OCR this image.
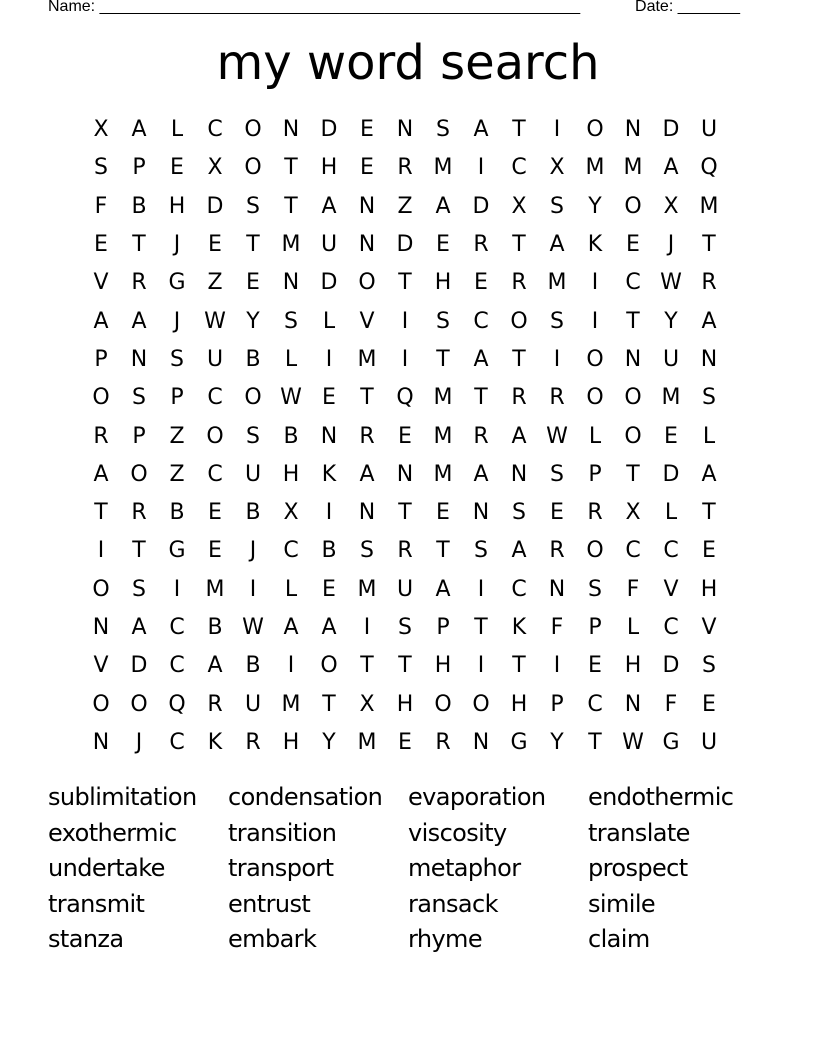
Name: ______________________________________________________	Date: _______
my word search
X	A	L	C O N D	E	N	S	A	T	I	O N D U
S	P	E	X O	T	H	E	R M	I	C	X M M A Q
F	B	H D	S	T	A	N	Z	A D X	S	Y	O X M
E	T	J	E	T M U N D	E	R	T	A	K	E	J	T
V	R G Z	E	N D O	T	H	E	R M	I	C W R
A	A	J	W Y	S	L	V	I	S	C O	S	I	T	Y	A
P	N	S	U	B	L	I	M	I	T	A	T	I	O N U N
O	S	P	C O W E	T	Q M T	R	R O O M S
R	P	Z O	S	B	N	R	E M R	A W L	O	E	L
A O Z	C	U H	K	A	N M A	N	S	P	T	D	A
T	R	B	E	B	X	I	N	T	E	N	S	E	R	X	L	T
I	T	G	E	J	C	B	S	R	T	S	A	R O C	C	E
O	S	I	M	I	L	E M U	A	I	C	N	S	F	V	H
N	A	C	B W A	A	I	S	P	T	K	F	P	L	C	V
V D C	A	B	I	O	T	T	H	I	T	I	E	H D	S
O O Q R	U M T	X	H O O H	P	C	N	F	E
N	J	C	K	R	H	Y M E	R	N G	Y	T W G U
sublimitation	condensation	evaporation	endothermic
exothermic	transition	viscosity	translate
undertake	transport	metaphor	prospect
transmit	entrust	ransack	simile
stanza	embark	rhyme	claim
